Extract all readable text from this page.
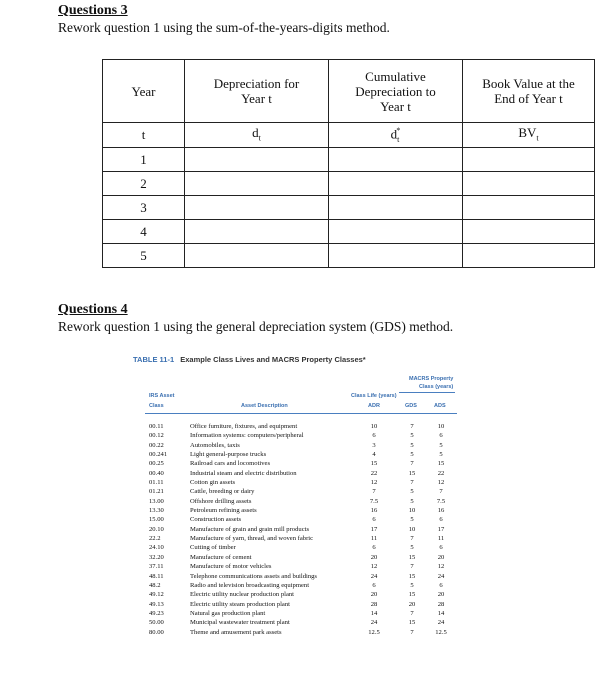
Questions 3
Rework question 1 using the sum-of-the-years-digits method.
Year	Depreciation for Year t	Cumulative Depreciation to Year t	Book Value at the End of Year t
t	$d_t$	$d_t^*$	$BV_t$
1			
2			
3			
4			
5			
Questions 4
Rework question 1 using the general depreciation system (GDS) method.
TABLE 11-1 Example Class Lives and MACRS Property Classes*
MACRS Property
Class (years)
IRS Asset	Class Life (years)
Class	Asset Description	ADR	GDS	ADS
00.11	Office furniture, fixtures, and equipment	10	7	10
00.12	Information systems: computers/peripheral	6	5	6
00.22	Automobiles, taxis	3	5	5
00.241	Light general-purpose trucks	4	5	5
00.25	Railroad cars and locomotives	15	7	15
00.40	Industrial steam and electric distribution	22	15	22
01.11	Cotton gin assets	12	7	12
01.21	Cattle, breeding or dairy	7	5	7
13.00	Offshore drilling assets	7.5	5	7.5
13.30	Petroleum refining assets	16	10	16
15.00	Construction assets	6	5	6
20.10	Manufacture of grain and grain mill products	17	10	17
22.2	Manufacture of yarn, thread, and woven fabric	11	7	11
24.10	Cutting of timber	6	5	6
32.20	Manufacture of cement	20	15	20
37.11	Manufacture of motor vehicles	12	7	12
48.11	Telephone communications assets and buildings	24	15	24
48.2	Radio and television broadcasting equipment	6	5	6
49.12	Electric utility nuclear production plant	20	15	20
49.13	Electric utility steam production plant	28	20	28
49.23	Natural gas production plant	14	7	14
50.00	Municipal wastewater treatment plant	24	15	24
80.00	Theme and amusement park assets	12.5	7	12.5
